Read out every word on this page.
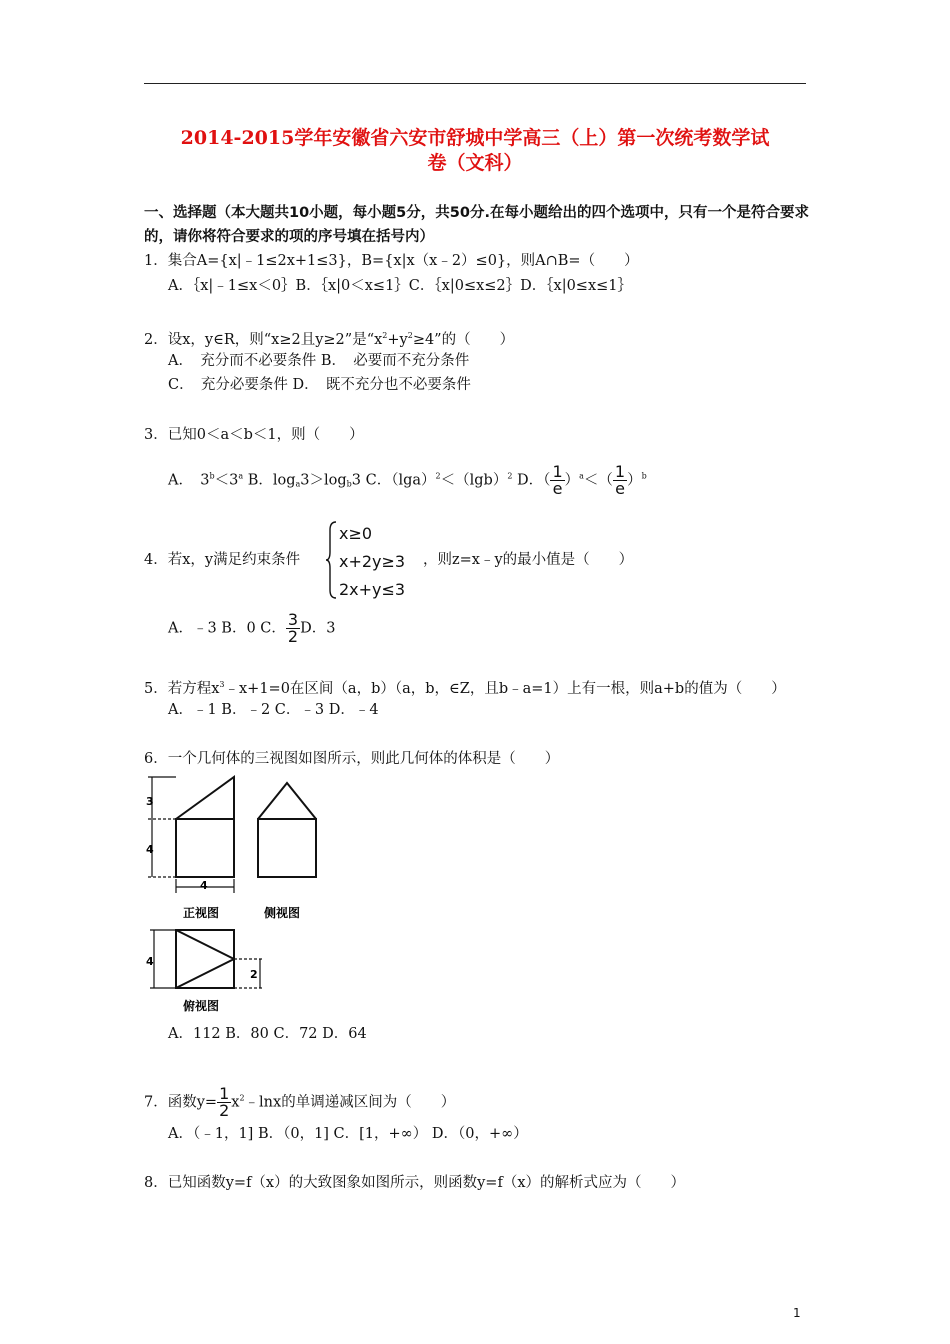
2014-2015学年安徽省六安市舒城中学高三（上）第一次统考数学试
卷（文科）
一、选择题（本大题共10小题，每小题5分，共50分.在每小题给出的四个选项中，只有一个是符合要求的，请你将符合要求的项的序号填在括号内）
1．集合A={x|﹣1≤2x+1≤3}，B={x|x（x﹣2）≤0}，则A∩B=（　　）
A．｛x|﹣1≤x＜0｝B．｛x|0＜x≤1｝C．｛x|0≤x≤2｝D．｛x|0≤x≤1｝
2．设x，y∈R，则“x≥2且y≥2”是“$x^2+y^2\ge 4$”的（　　）
A．　充分而不必要条件 B．　必要而不充分条件
C．　充分必要条件 D．　既不充分也不必要条件
3．已知0＜a＜b＜1，则（　　）
A．　$3^b<3^a$ B．$\log_a3>\log_b3$ C．$(\lg a)^2<(\lg b)^2$ D．（ $\frac{1}{e} )^a<( \frac{1}{e} )^b$
4．若x，y满足约束条件
x≥0
x+2y≥3
2x+y≤3
，则z=x﹣y的最小值是（　　）
A．﹣3 B．0 C． $\frac{3}{2}$ D．3
5．若方程$x^3﹣x+1=0$在区间（a，b）（a，b，∈Z，且b﹣a=1）上有一根，则a+b的值为（　　）
A．﹣1 B．﹣2 C．﹣3 D．﹣4
6．一个几何体的三视图如图所示，则此几何体的体积是（　　）
3
4
4
正视图	侧视图
4
2
俯视图
A．112 B．80 C．72 D．64
7．函数$y= \frac{1}{2}$ $x^2﹣\ln x$的单调递减区间为（　　）
A．（﹣1，1] B．（0，1] C．[1，+∞） D．（0，+∞）
8．已知函数y=f（x）的大致图象如图所示，则函数y=f（x）的解析式应为（　　）
1
